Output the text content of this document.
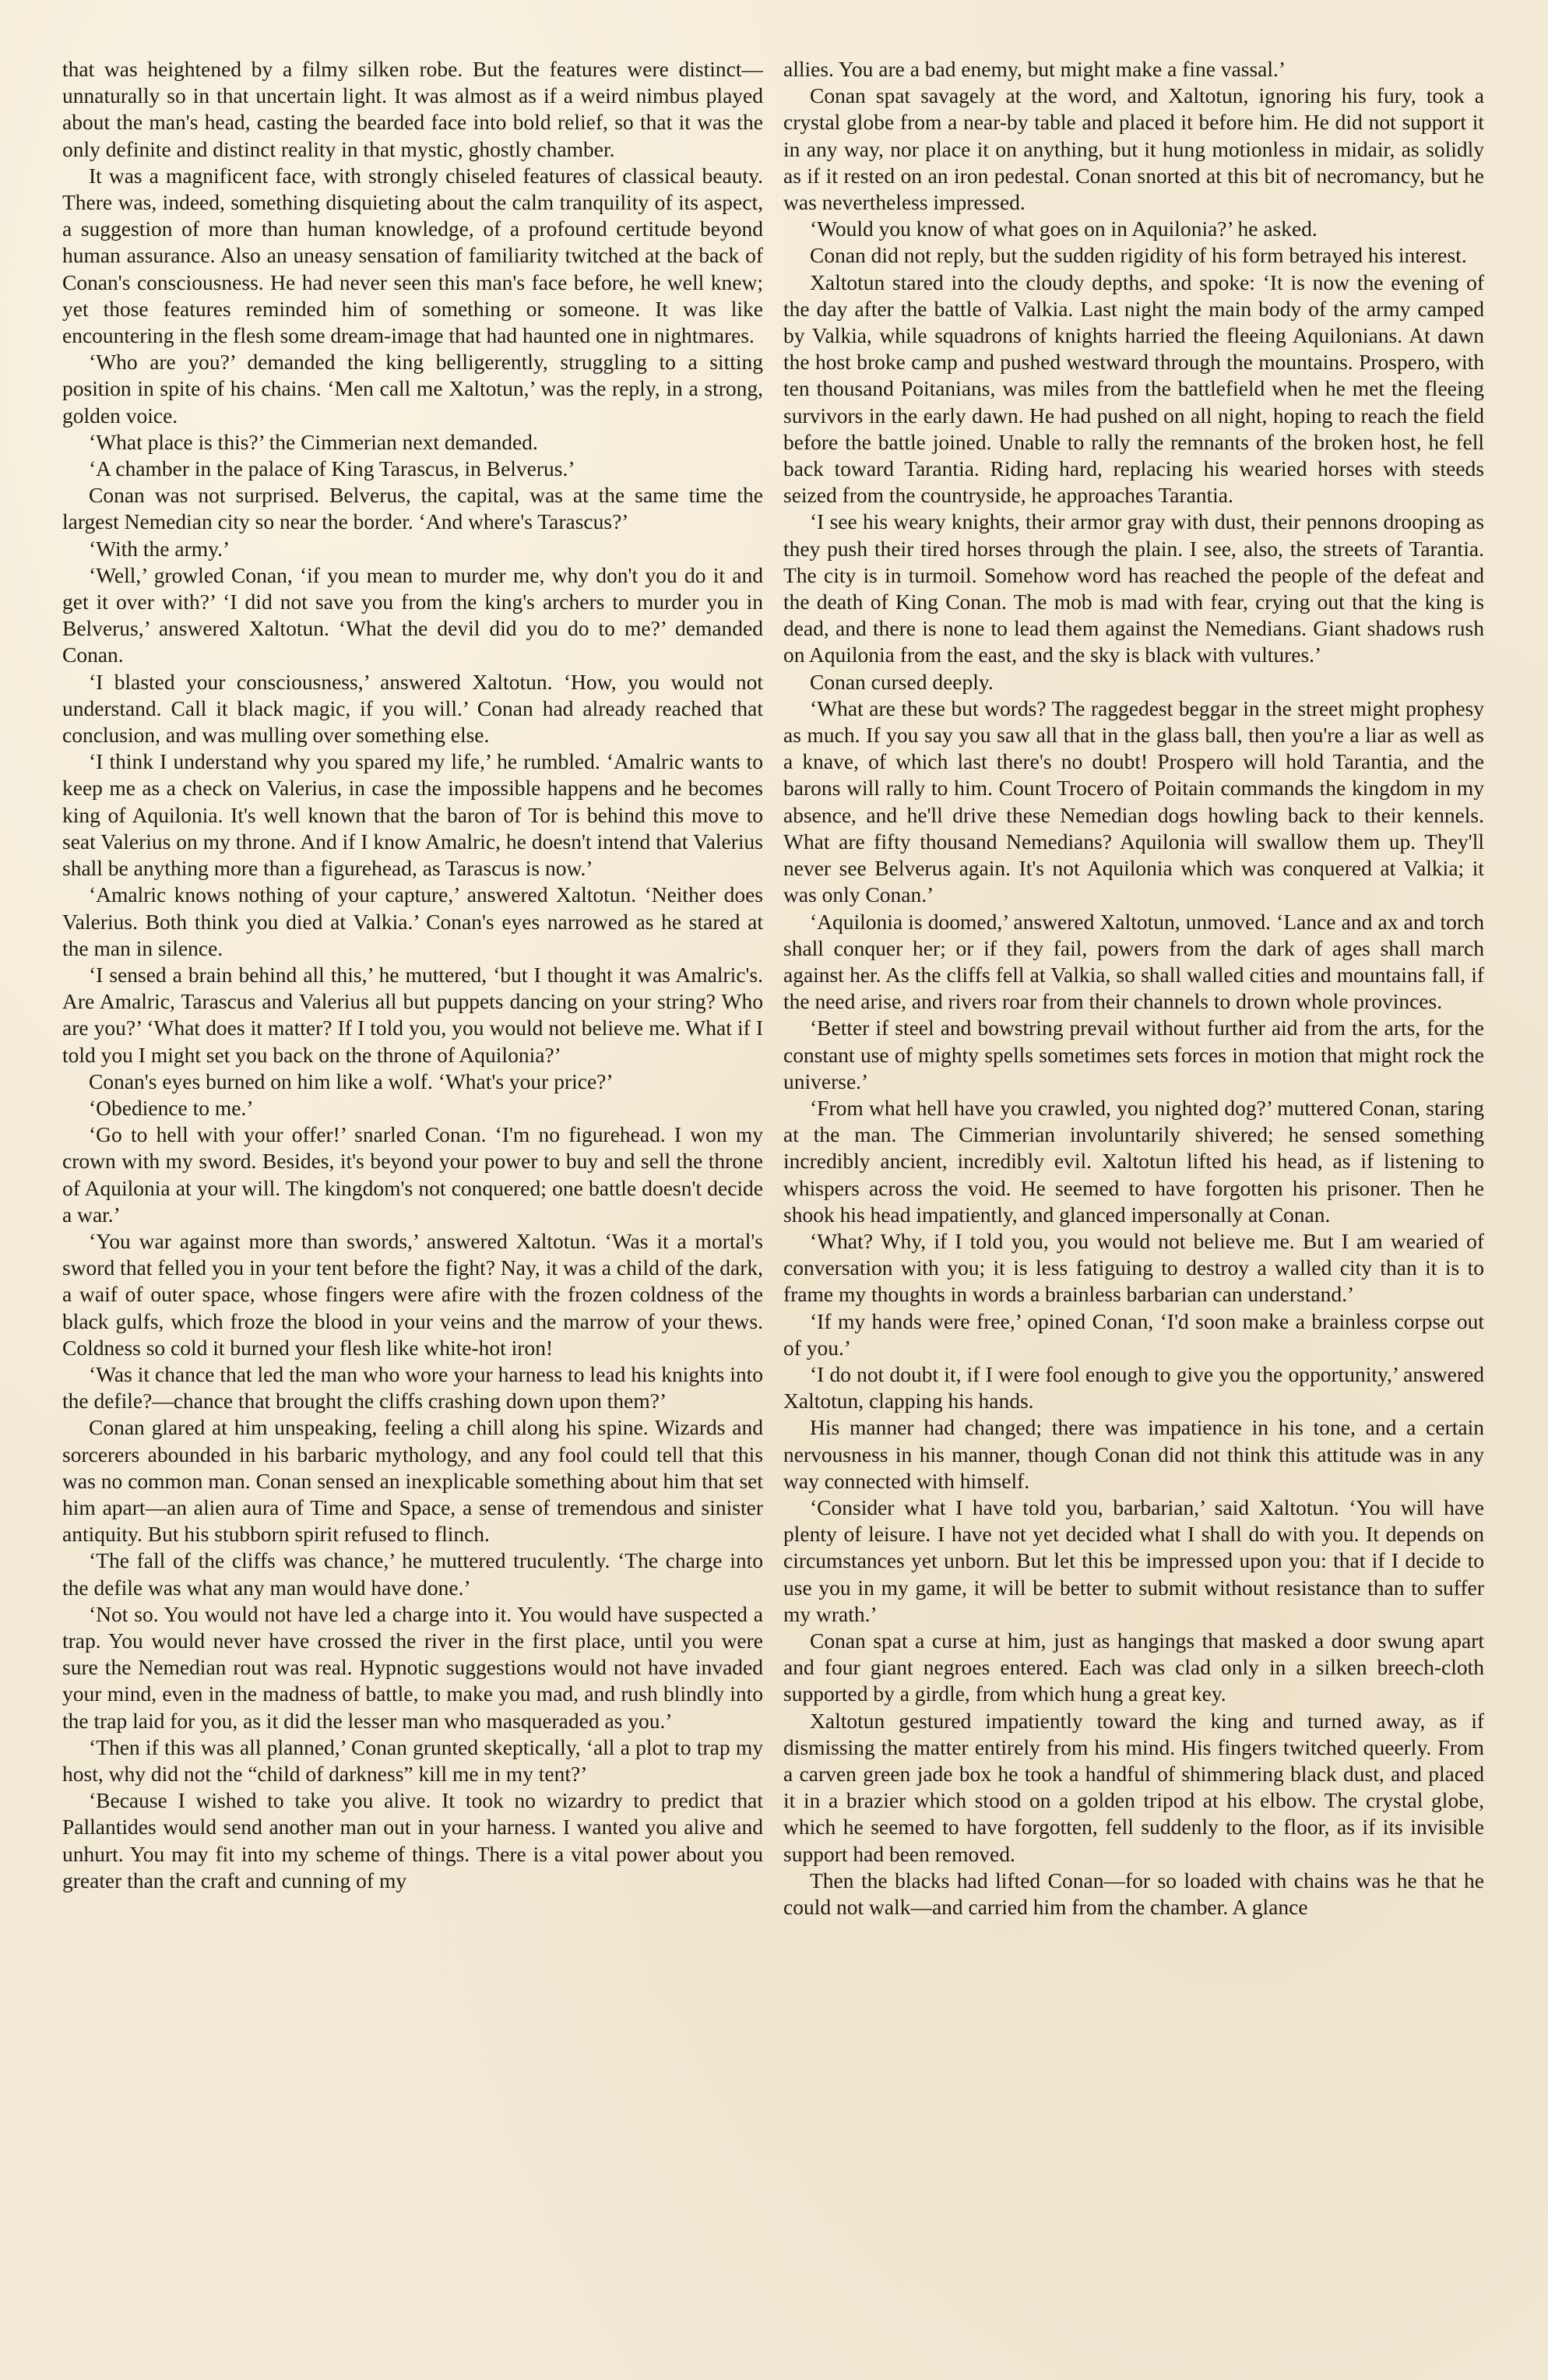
that was heightened by a filmy silken robe. But the features were distinct— unnaturally so in that uncertain light. It was almost as if a weird nimbus played about the man's head, casting the bearded face into bold relief, so that it was the only definite and distinct reality in that mystic, ghostly chamber.

It was a magnificent face, with strongly chiseled features of classical beauty. There was, indeed, something disquieting about the calm tranquility of its aspect, a suggestion of more than human knowledge, of a profound certitude beyond human assurance. Also an uneasy sensation of familiarity twitched at the back of Conan's consciousness. He had never seen this man's face before, he well knew; yet those features reminded him of something or someone. It was like encountering in the flesh some dream-image that had haunted one in nightmares.

‘Who are you?’ demanded the king belligerently, struggling to a sitting position in spite of his chains. ‘Men call me Xaltotun,’ was the reply, in a strong, golden voice.

‘What place is this?’ the Cimmerian next demanded.

‘A chamber in the palace of King Tarascus, in Belverus.’

Conan was not surprised. Belverus, the capital, was at the same time the largest Nemedian city so near the border. ‘And where's Tarascus?’

‘With the army.’

‘Well,’ growled Conan, ‘if you mean to murder me, why don't you do it and get it over with?’ ‘I did not save you from the king's archers to murder you in Belverus,’ answered Xaltotun. ‘What the devil did you do to me?’ demanded Conan.

‘I blasted your consciousness,’ answered Xaltotun. ‘How, you would not understand. Call it black magic, if you will.’ Conan had already reached that conclusion, and was mulling over something else.

‘I think I understand why you spared my life,’ he rumbled. ‘Amalric wants to keep me as a check on Valerius, in case the impossible happens and he becomes king of Aquilonia. It's well known that the baron of Tor is behind this move to seat Valerius on my throne. And if I know Amalric, he doesn't intend that Valerius shall be anything more than a figurehead, as Tarascus is now.’

‘Amalric knows nothing of your capture,’ answered Xaltotun. ‘Neither does Valerius. Both think you died at Valkia.’ Conan's eyes narrowed as he stared at the man in silence.

‘I sensed a brain behind all this,’ he muttered, ‘but I thought it was Amalric's. Are Amalric, Tarascus and Valerius all but puppets dancing on your string? Who are you?’ ‘What does it matter? If I told you, you would not believe me. What if I told you I might set you back on the throne of Aquilonia?’

Conan's eyes burned on him like a wolf. ‘What's your price?’

‘Obedience to me.’

‘Go to hell with your offer!’ snarled Conan. ‘I'm no figurehead. I won my crown with my sword. Besides, it's beyond your power to buy and sell the throne of Aquilonia at your will. The kingdom's not conquered; one battle doesn't decide a war.’

‘You war against more than swords,’ answered Xaltotun. ‘Was it a mortal's sword that felled you in your tent before the fight? Nay, it was a child of the dark, a waif of outer space, whose fingers were afire with the frozen coldness of the black gulfs, which froze the blood in your veins and the marrow of your thews. Coldness so cold it burned your flesh like white-hot iron!

‘Was it chance that led the man who wore your harness to lead his knights into the defile?—chance that brought the cliffs crashing down upon them?’

Conan glared at him unspeaking, feeling a chill along his spine. Wizards and sorcerers abounded in his barbaric mythology, and any fool could tell that this was no common man. Conan sensed an inexplicable something about him that set him apart—an alien aura of Time and Space, a sense of tremendous and sinister antiquity. But his stubborn spirit refused to flinch.

‘The fall of the cliffs was chance,’ he muttered truculently. ‘The charge into the defile was what any man would have done.’

‘Not so. You would not have led a charge into it. You would have suspected a trap. You would never have crossed the river in the first place, until you were sure the Nemedian rout was real. Hypnotic suggestions would not have invaded your mind, even in the madness of battle, to make you mad, and rush blindly into the trap laid for you, as it did the lesser man who masqueraded as you.’

‘Then if this was all planned,’ Conan grunted skeptically, ‘all a plot to trap my host, why did not the “child of darkness” kill me in my tent?’

‘Because I wished to take you alive. It took no wizardry to predict that Pallantides would send another man out in your harness. I wanted you alive and unhurt. You may fit into my scheme of things. There is a vital power about you greater than the craft and cunning of my

allies. You are a bad enemy, but might make a fine vassal.’

Conan spat savagely at the word, and Xaltotun, ignoring his fury, took a crystal globe from a near-by table and placed it before him. He did not support it in any way, nor place it on anything, but it hung motionless in midair, as solidly as if it rested on an iron pedestal. Conan snorted at this bit of necromancy, but he was nevertheless impressed.

‘Would you know of what goes on in Aquilonia?’ he asked.

Conan did not reply, but the sudden rigidity of his form betrayed his interest.

Xaltotun stared into the cloudy depths, and spoke: ‘It is now the evening of the day after the battle of Valkia. Last night the main body of the army camped by Valkia, while squadrons of knights harried the fleeing Aquilonians. At dawn the host broke camp and pushed westward through the mountains. Prospero, with ten thousand Poitanians, was miles from the battlefield when he met the fleeing survivors in the early dawn. He had pushed on all night, hoping to reach the field before the battle joined. Unable to rally the remnants of the broken host, he fell back toward Tarantia. Riding hard, replacing his wearied horses with steeds seized from the countryside, he approaches Tarantia.

‘I see his weary knights, their armor gray with dust, their pennons drooping as they push their tired horses through the plain. I see, also, the streets of Tarantia. The city is in turmoil. Somehow word has reached the people of the defeat and the death of King Conan. The mob is mad with fear, crying out that the king is dead, and there is none to lead them against the Nemedians. Giant shadows rush on Aquilonia from the east, and the sky is black with vultures.’

Conan cursed deeply.

‘What are these but words? The raggedest beggar in the street might prophesy as much. If you say you saw all that in the glass ball, then you're a liar as well as a knave, of which last there's no doubt! Prospero will hold Tarantia, and the barons will rally to him. Count Trocero of Poitain commands the kingdom in my absence, and he'll drive these Nemedian dogs howling back to their kennels. What are fifty thousand Nemedians? Aquilonia will swallow them up. They'll never see Belverus again. It's not Aquilonia which was conquered at Valkia; it was only Conan.’

‘Aquilonia is doomed,’ answered Xaltotun, unmoved. ‘Lance and ax and torch shall conquer her; or if they fail, powers from the dark of ages shall march against her. As the cliffs fell at Valkia, so shall walled cities and mountains fall, if the need arise, and rivers roar from their channels to drown whole provinces.

‘Better if steel and bowstring prevail without further aid from the arts, for the constant use of mighty spells sometimes sets forces in motion that might rock the universe.’

‘From what hell have you crawled, you nighted dog?’ muttered Conan, staring at the man. The Cimmerian involuntarily shivered; he sensed something incredibly ancient, incredibly evil. Xaltotun lifted his head, as if listening to whispers across the void. He seemed to have forgotten his prisoner. Then he shook his head impatiently, and glanced impersonally at Conan.

‘What? Why, if I told you, you would not believe me. But I am wearied of conversation with you; it is less fatiguing to destroy a walled city than it is to frame my thoughts in words a brainless barbarian can understand.’

‘If my hands were free,’ opined Conan, ‘I'd soon make a brainless corpse out of you.’

‘I do not doubt it, if I were fool enough to give you the opportunity,’ answered Xaltotun, clapping his hands.

His manner had changed; there was impatience in his tone, and a certain nervousness in his manner, though Conan did not think this attitude was in any way connected with himself.

‘Consider what I have told you, barbarian,’ said Xaltotun. ‘You will have plenty of leisure. I have not yet decided what I shall do with you. It depends on circumstances yet unborn. But let this be impressed upon you: that if I decide to use you in my game, it will be better to submit without resistance than to suffer my wrath.’

Conan spat a curse at him, just as hangings that masked a door swung apart and four giant negroes entered. Each was clad only in a silken breech-cloth supported by a girdle, from which hung a great key.

Xaltotun gestured impatiently toward the king and turned away, as if dismissing the matter entirely from his mind. His fingers twitched queerly. From a carven green jade box he took a handful of shimmering black dust, and placed it in a brazier which stood on a golden tripod at his elbow. The crystal globe, which he seemed to have forgotten, fell suddenly to the floor, as if its invisible support had been removed.

Then the blacks had lifted Conan—for so loaded with chains was he that he could not walk—and carried him from the chamber. A glance
